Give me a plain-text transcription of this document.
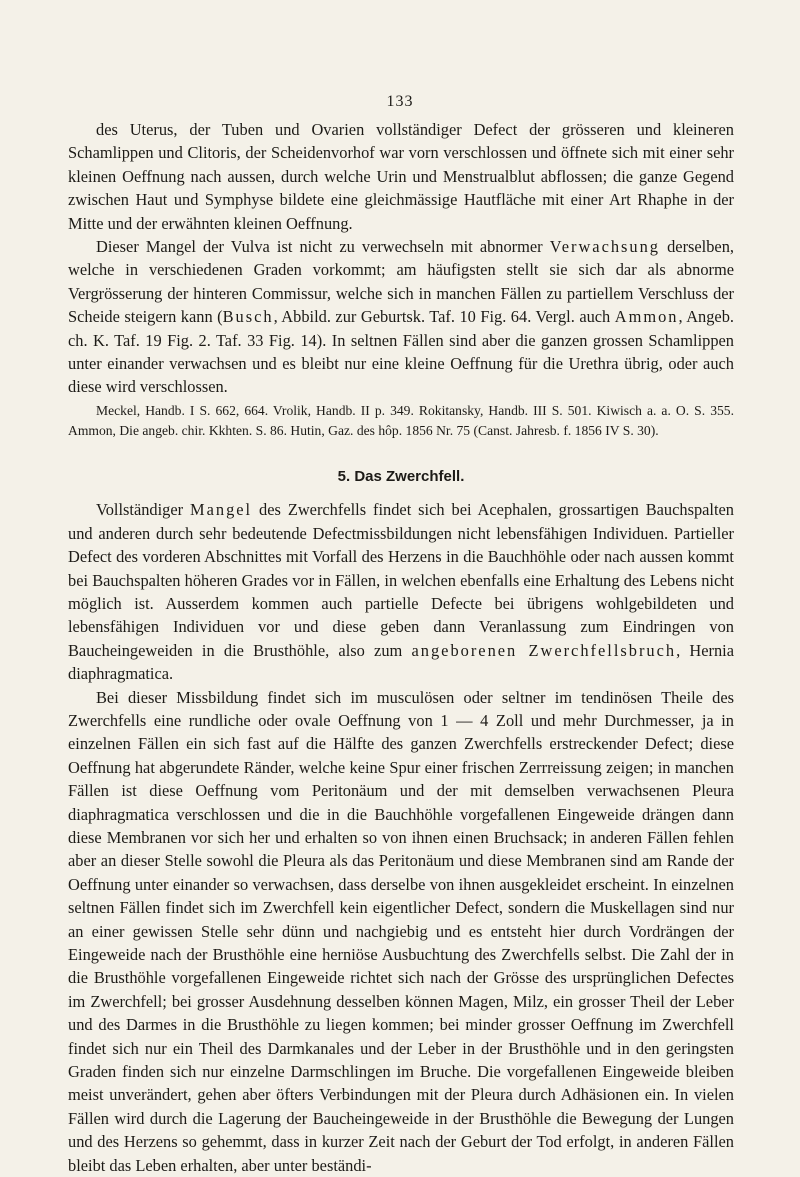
133

des Uterus, der Tuben und Ovarien vollständiger Defect der grösseren und kleineren Schamlippen und Clitoris, der Scheidenvorhof war vorn verschlossen und öffnete sich mit einer sehr kleinen Oeffnung nach aussen, durch welche Urin und Menstrualblut abflossen; die ganze Gegend zwischen Haut und Symphyse bildete eine gleichmässige Hautfläche mit einer Art Rhaphe in der Mitte und der erwähnten kleinen Oeffnung.

Dieser Mangel der Vulva ist nicht zu verwechseln mit abnormer Verwachsung derselben, welche in verschiedenen Graden vorkommt; am häufigsten stellt sie sich dar als abnorme Vergrösserung der hinteren Commissur, welche sich in manchen Fällen zu partiellem Verschluss der Scheide steigern kann (Busch, Abbild. zur Geburtsk. Taf. 10 Fig. 64. Vergl. auch Ammon, Angeb. ch. K. Taf. 19 Fig. 2. Taf. 33 Fig. 14). In seltnen Fällen sind aber die ganzen grossen Schamlippen unter einander verwachsen und es bleibt nur eine kleine Oeffnung für die Urethra übrig, oder auch diese wird verschlossen.

Meckel, Handb. I S. 662, 664. Vrolik, Handb. II p. 349. Rokitansky, Handb. III S. 501. Kiwisch a. a. O. S. 355. Ammon, Die angeb. chir. Kkhten. S. 86. Hutin, Gaz. des hôp. 1856 Nr. 75 (Canst. Jahresb. f. 1856 IV S. 30).

5. Das Zwerchfell.

Vollständiger Mangel des Zwerchfells findet sich bei Acephalen, grossartigen Bauchspalten und anderen durch sehr bedeutende Defectmissbildungen nicht lebensfähigen Individuen. Partieller Defect des vorderen Abschnittes mit Vorfall des Herzens in die Bauchhöhle oder nach aussen kommt bei Bauchspalten höheren Grades vor in Fällen, in welchen ebenfalls eine Erhaltung des Lebens nicht möglich ist. Ausserdem kommen auch partielle Defecte bei übrigens wohlgebildeten und lebensfähigen Individuen vor und diese geben dann Veranlassung zum Eindringen von Baucheingeweiden in die Brusthöhle, also zum angeborenen Zwerchfellsbruch, Hernia diaphragmatica.

Bei dieser Missbildung findet sich im musculösen oder seltner im tendinösen Theile des Zwerchfells eine rundliche oder ovale Oeffnung von 1 — 4 Zoll und mehr Durchmesser, ja in einzelnen Fällen ein sich fast auf die Hälfte des ganzen Zwerchfells erstreckender Defect; diese Oeffnung hat abgerundete Ränder, welche keine Spur einer frischen Zerrreissung zeigen; in manchen Fällen ist diese Oeffnung vom Peritonäum und der mit demselben verwachsenen Pleura diaphragmatica verschlossen und die in die Bauchhöhle vorgefallenen Eingeweide drängen dann diese Membranen vor sich her und erhalten so von ihnen einen Bruchsack; in anderen Fällen fehlen aber an dieser Stelle sowohl die Pleura als das Peritonäum und diese Membranen sind am Rande der Oeffnung unter einander so verwachsen, dass derselbe von ihnen ausgekleidet erscheint. In einzelnen seltnen Fällen findet sich im Zwerchfell kein eigentlicher Defect, sondern die Muskellagen sind nur an einer gewissen Stelle sehr dünn und nachgiebig und es entsteht hier durch Vordrängen der Eingeweide nach der Brusthöhle eine herniöse Ausbuchtung des Zwerchfells selbst. Die Zahl der in die Brusthöhle vorgefallenen Eingeweide richtet sich nach der Grösse des ursprünglichen Defectes im Zwerchfell; bei grosser Ausdehnung desselben können Magen, Milz, ein grosser Theil der Leber und des Darmes in die Brusthöhle zu liegen kommen; bei minder grosser Oeffnung im Zwerchfell findet sich nur ein Theil des Darmkanales und der Leber in der Brusthöhle und in den geringsten Graden finden sich nur einzelne Darmschlingen im Bruche. Die vorgefallenen Eingeweide bleiben meist unverändert, gehen aber öfters Verbindungen mit der Pleura durch Adhäsionen ein. In vielen Fällen wird durch die Lagerung der Baucheingeweide in der Brusthöhle die Bewegung der Lungen und des Herzens so gehemmt, dass in kurzer Zeit nach der Geburt der Tod erfolgt, in anderen Fällen bleibt das Leben erhalten, aber unter beständi-
